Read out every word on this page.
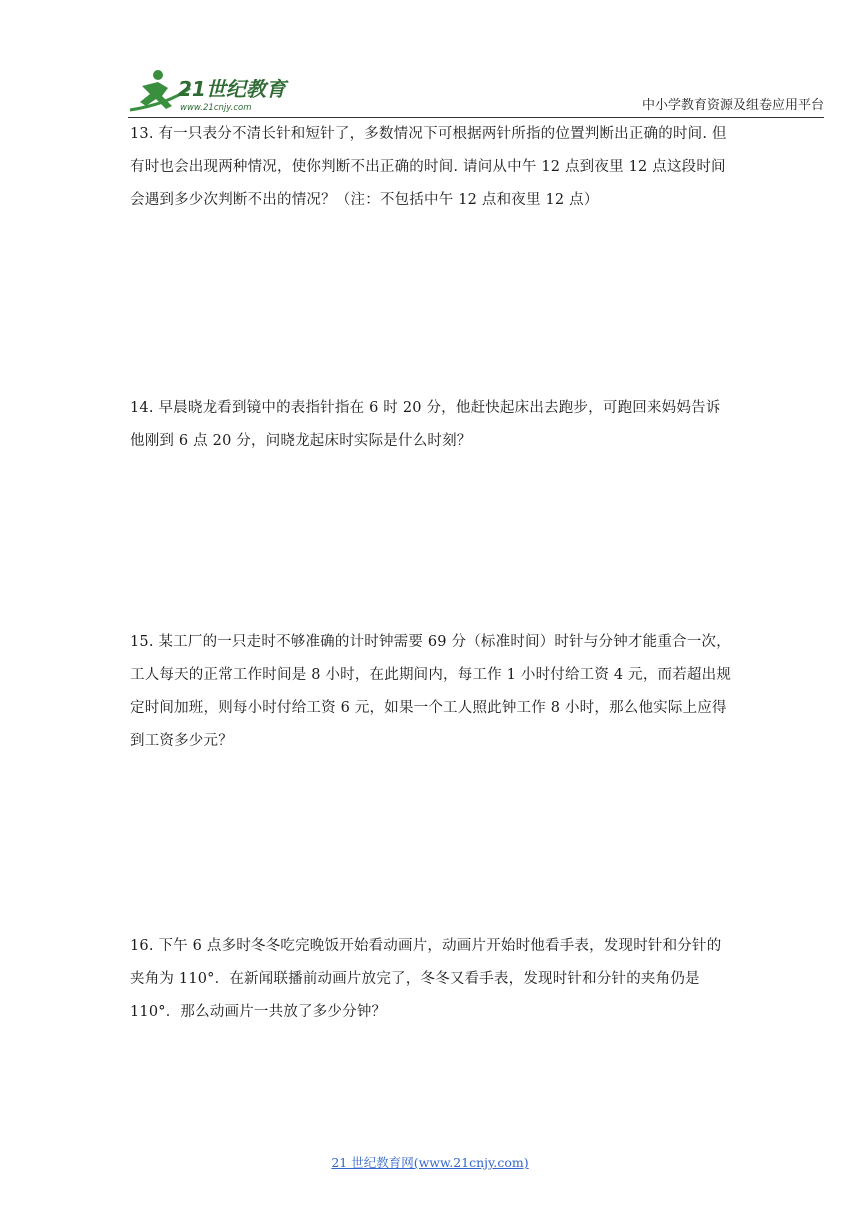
21世纪教育
www.21cnjy.com	中小学教育资源及组卷应用平台

13. 有一只表分不清长针和短针了，多数情况下可根据两针所指的位置判断出正确的时间. 但

有时也会出现两种情况，使你判断不出正确的时间. 请问从中午 12 点到夜里 12 点这段时间

会遇到多少次判断不出的情况？（注：不包括中午 12 点和夜里 12 点）

14. 早晨晓龙看到镜中的表指针指在 6 时 20 分，他赶快起床出去跑步，可跑回来妈妈告诉

他刚到 6 点 20 分，问晓龙起床时实际是什么时刻？

15. 某工厂的一只走时不够准确的计时钟需要 69 分（标准时间）时针与分钟才能重合一次，

工人每天的正常工作时间是 8 小时，在此期间内，每工作 1 小时付给工资 4 元，而若超出规

定时间加班，则每小时付给工资 6 元，如果一个工人照此钟工作 8 小时，那么他实际上应得

到工资多少元？

16. 下午 6 点多时冬冬吃完晚饭开始看动画片，动画片开始时他看手表，发现时针和分针的

夹角为 110°．在新闻联播前动画片放完了，冬冬又看手表，发现时针和分针的夹角仍是

110°．那么动画片一共放了多少分钟？

21 世纪教育网(www.21cnjy.com)
